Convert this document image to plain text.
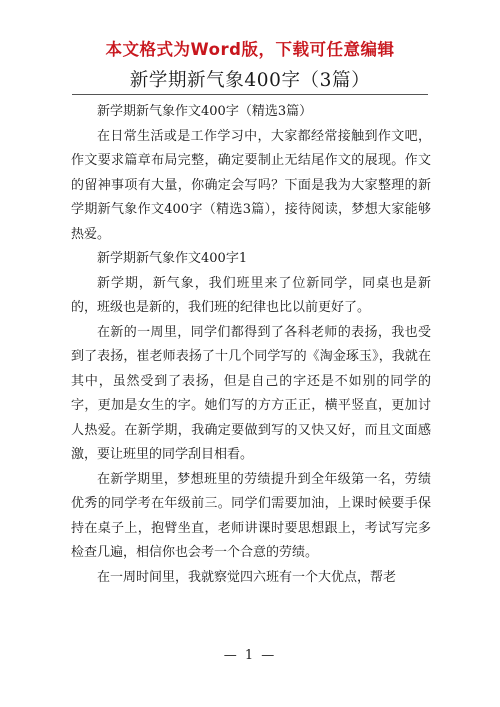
本文格式为Word版，下载可任意编辑
新学期新气象400字（3篇）

新学期新气象作文400字（精选3篇）

在日常生活或是工作学习中，大家都经常接触到作文吧，作文要求篇章布局完整，确定要制止无结尾作文的展现。作文的留神事项有大量，你确定会写吗？下面是我为大家整理的新学期新气象作文400字（精选3篇），接待阅读，梦想大家能够热爱。

新学期新气象作文400字1

新学期，新气象，我们班里来了位新同学，同桌也是新的，班级也是新的，我们班的纪律也比以前更好了。

在新的一周里，同学们都得到了各科老师的表扬，我也受到了表扬，崔老师表扬了十几个同学写的《淘金琢玉》，我就在其中，虽然受到了表扬，但是自己的字还是不如别的同学的字，更加是女生的字。她们写的方方正正，横平竖直，更加讨人热爱。在新学期，我确定要做到写的又快又好，而且文面感激，要让班里的同学刮目相看。

在新学期里，梦想班里的劳绩提升到全年级第一名，劳绩优秀的同学考在年级前三。同学们需要加油，上课时候要手保持在桌子上，抱臂坐直，老师讲课时要思想跟上，考试写完多检查几遍，相信你也会考一个合意的劳绩。

在一周时间里，我就察觉四六班有一个大优点，帮老

— 1 —
